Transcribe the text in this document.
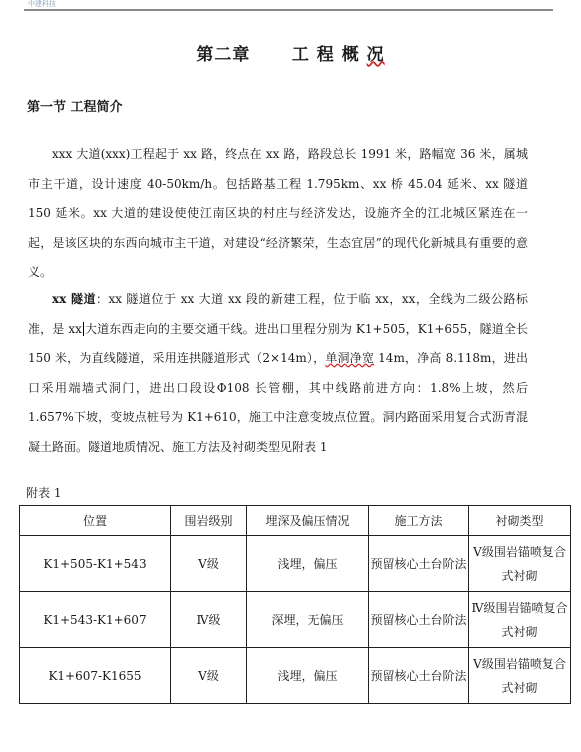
中建科技
第二章 工 程 概 况
第一节 工程简介
xxx 大道(xxx)工程起于 xx 路，终点在 xx 路，路段总长 1991 米，路幅宽 36 米，属城市主干道，设计速度 40-50km/h。包括路基工程 1.795km、xx 桥 45.04 延米、xx 隧道 150 延米。xx 大道的建设使使江南区块的村庄与经济发达，设施齐全的江北城区紧连在一起，是该区块的东西向城市主干道，对建设“经济繁荣，生态宜居”的现代化新城具有重要的意义。
xx 隧道：xx 隧道位于 xx 大道 xx 段的新建工程，位于临 xx，xx，全线为二级公路标准，是 xx 大道东西走向的主要交通干线。进出口里程分别为 K1+505，K1+655，隧道全长 150 米，为直线隧道，采用连拱隧道形式（2×14m），单洞净宽 14m，净高 8.118m，进出口采用端墙式洞门，进出口段设Φ108 长管棚，其中线路前进方向：1.8%上坡，然后 1.657%下坡，变坡点桩号为 K1+610，施工中注意变坡点位置。洞内路面采用复合式沥青混凝土路面。隧道地质情况、施工方法及衬砌类型见附表 1
附表 1
位置	围岩级别	埋深及偏压情况	施工方法	衬砌类型
K1+505-K1+543	Ⅴ级	浅埋，偏压	预留核心土台阶法	Ⅴ级围岩锚喷复合式衬砌
K1+543-K1+607	Ⅳ级	深埋，无偏压	预留核心土台阶法	Ⅳ级围岩锚喷复合式衬砌
K1+607-K1655	Ⅴ级	浅埋，偏压	预留核心土台阶法	Ⅴ级围岩锚喷复合式衬砌
